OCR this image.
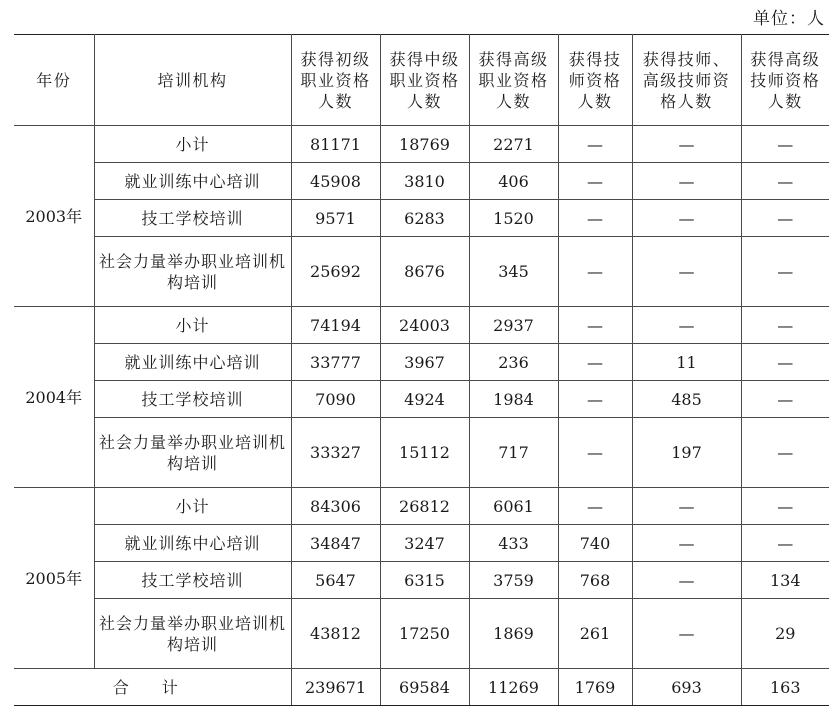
单位：人
年份	培训机构	获得初级职业资格人数	获得中级职业资格人数	获得高级职业资格人数	获得技师资格人数	获得技师、高级技师资格人数	获得高级技师资格人数
2003年	小计	81171	18769	2271	—	—	—
	就业训练中心培训	45908	3810	406	—	—	—
	技工学校培训	9571	6283	1520	—	—	—
	社会力量举办职业培训机构培训	25692	8676	345	—	—	—
2004年	小计	74194	24003	2937	—	—	—
	就业训练中心培训	33777	3967	236	—	11	—
	技工学校培训	7090	4924	1984	—	485	—
	社会力量举办职业培训机构培训	33327	15112	717	—	197	—
2005年	小计	84306	26812	6061	—	—	—
	就业训练中心培训	34847	3247	433	740	—	—
	技工学校培训	5647	6315	3759	768	—	134
	社会力量举办职业培训机构培训	43812	17250	1869	261	—	29
合 计		239671	69584	11269	1769	693	163
